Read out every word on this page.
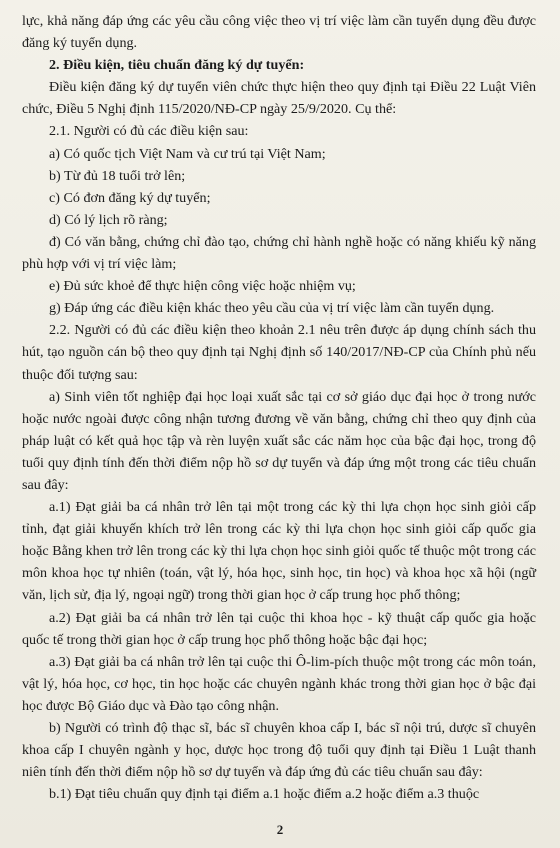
lực, khả năng đáp ứng các yêu cầu công việc theo vị trí việc làm cần tuyển dụng đều được đăng ký tuyển dụng.

2. Điều kiện, tiêu chuẩn đăng ký dự tuyển:

Điều kiện đăng ký dự tuyển viên chức thực hiện theo quy định tại Điều 22 Luật Viên chức, Điều 5 Nghị định 115/2020/NĐ-CP ngày 25/9/2020. Cụ thể:

2.1. Người có đủ các điều kiện sau:

a) Có quốc tịch Việt Nam và cư trú tại Việt Nam;

b) Từ đủ 18 tuổi trở lên;

c) Có đơn đăng ký dự tuyển;

d) Có lý lịch rõ ràng;

đ) Có văn bằng, chứng chỉ đào tạo, chứng chỉ hành nghề hoặc có năng khiếu kỹ năng phù hợp với vị trí việc làm;

e) Đủ sức khoẻ để thực hiện công việc hoặc nhiệm vụ;

g) Đáp ứng các điều kiện khác theo yêu cầu của vị trí việc làm cần tuyển dụng.

2.2. Người có đủ các điều kiện theo khoản 2.1 nêu trên được áp dụng chính sách thu hút, tạo nguồn cán bộ theo quy định tại Nghị định số 140/2017/NĐ-CP của Chính phủ nếu thuộc đối tượng sau:

a) Sinh viên tốt nghiệp đại học loại xuất sắc tại cơ sở giáo dục đại học ở trong nước hoặc nước ngoài được công nhận tương đương về văn bằng, chứng chỉ theo quy định của pháp luật có kết quả học tập và rèn luyện xuất sắc các năm học của bậc đại học, trong độ tuổi quy định tính đến thời điểm nộp hồ sơ dự tuyển và đáp ứng một trong các tiêu chuẩn sau đây:

a.1) Đạt giải ba cá nhân trở lên tại một trong các kỳ thi lựa chọn học sinh giỏi cấp tỉnh, đạt giải khuyến khích trở lên trong các kỳ thi lựa chọn học sinh giỏi cấp quốc gia hoặc Bằng khen trở lên trong các kỳ thi lựa chọn học sinh giỏi quốc tế thuộc một trong các môn khoa học tự nhiên (toán, vật lý, hóa học, sinh học, tin học) và khoa học xã hội (ngữ văn, lịch sử, địa lý, ngoại ngữ) trong thời gian học ở cấp trung học phổ thông;

a.2) Đạt giải ba cá nhân trở lên tại cuộc thi khoa học - kỹ thuật cấp quốc gia hoặc quốc tế trong thời gian học ở cấp trung học phổ thông hoặc bậc đại học;

a.3) Đạt giải ba cá nhân trở lên tại cuộc thi Ô-lim-pích thuộc một trong các môn toán, vật lý, hóa học, cơ học, tin học hoặc các chuyên ngành khác trong thời gian học ở bậc đại học được Bộ Giáo dục và Đào tạo công nhận.

b) Người có trình độ thạc sĩ, bác sĩ chuyên khoa cấp I, bác sĩ nội trú, dược sĩ chuyên khoa cấp I chuyên ngành y học, dược học trong độ tuổi quy định tại Điều 1 Luật thanh niên tính đến thời điểm nộp hồ sơ dự tuyển và đáp ứng đủ các tiêu chuẩn sau đây:

b.1) Đạt tiêu chuẩn quy định tại điểm a.1 hoặc điểm a.2 hoặc điểm a.3 thuộc

2
